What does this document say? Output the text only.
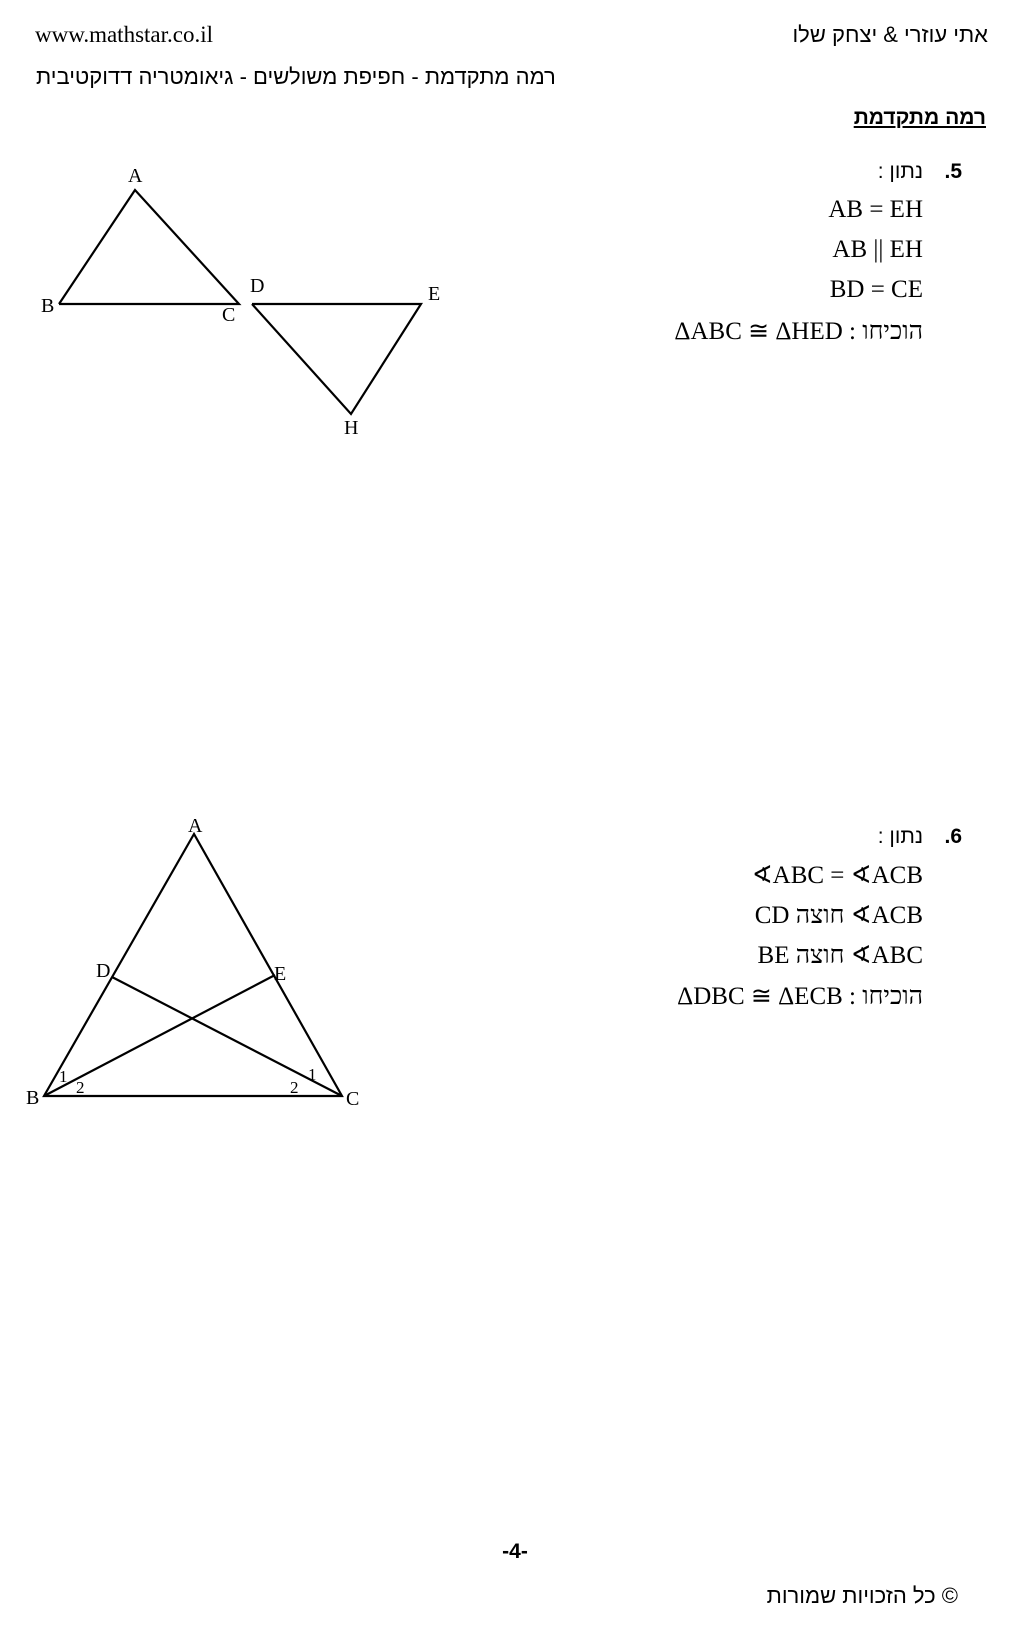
www.mathstar.co.il	אתי עוזרי & יצחק שלו
רמה מתקדמת - חפיפת משולשים - גיאומטריה דדוקטיבית
רמה מתקדמת
.5
נתון :
AB = EH
AB || EH
BD = CE
הוכיחו : ΔABC ≅ ΔHED
A
B	C
D	E
H
.6
נתון :
∢ABC = ∢ACB
CD חוצה ∢ACB
BE חוצה ∢ABC
הוכיחו : ΔDBC ≅ ΔECB
A
B	C
D	E
1
2
1
2
-4-
© כל הזכויות שמורות
